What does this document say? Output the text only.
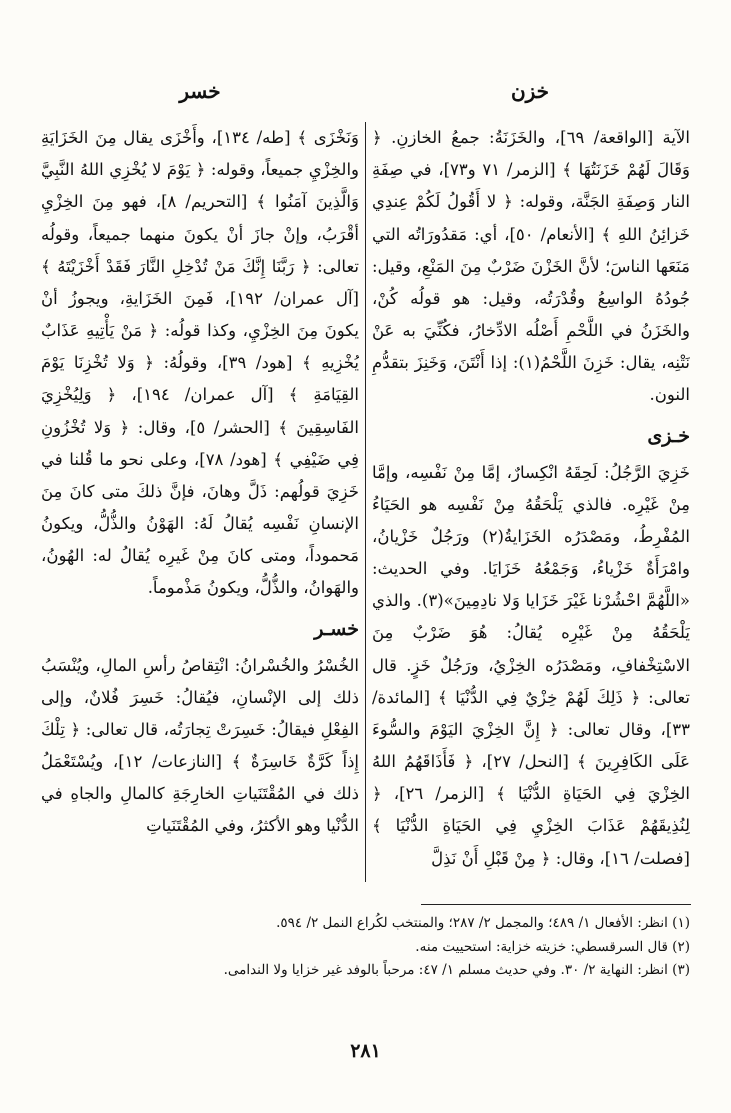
خزن
خسر

الآية [الواقعة/ ٦٩]، والخَزَنَةُ: جمعُ الخازنِ. ﴿ وَقَالَ لَهُمْ خَزَنَتُهَا ﴾ [الزمر/ ٧١ و٧٣]، في صِفَةِ النار وَصِفَةِ الجَنَّة، وقوله: ﴿ لا أَقُولُ لَكُمْ عِندِي خَزائِنُ اللهِ ﴾ [الأنعام/ ٥٠]، أي: مَقدُورَاتُه التي مَنَعَها الناسَ؛ لأنَّ الخَزْنَ ضَرْبٌ مِنَ المَنْعِ، وقيل: جُودُهُ الواسِعُ وقُدْرَتُه، وقيل: هو قولُه كُنْ، والخَزَنُ في اللَّحْمِ أَصْلُه الادِّخارُ، فكُنِّيَ به عَنْ نَتْنِه، يقال: خَزِنَ اللَّحْمُ(١): إذا أَنْتَنَ، وَخَنِزَ بتقدُّمِ النون.

خـزى

خَزِيَ الرَّجُلُ: لَحِقَهُ انْكِسارٌ، إمَّا مِنْ نَفْسِه، وإمَّا مِنْ غَيْرِه. فالذي يَلْحَقُهُ مِنْ نَفْسِه هو الحَيَاءُ المُفْرِطُ، ومَصْدَرُه الخَزَايةُ(٢) ورَجُلٌ خَزْيانُ، وامْرَأَةٌ خَزْياءُ، وَجَمْعُهُ خَزَايَا. وفي الحديث: «اللَّهُمَّ احْشُرْنا غَيْرَ خَزَايا وَلا نادِمِينَ»(٣). والذي يَلْحَقُهُ مِنْ غَيْرِه يُقالُ: هُوَ ضَرْبٌ مِنَ الاسْتِخْفافِ، ومَصْدَرُه الخِزْيُ، ورَجُلٌ خَزٍ. قال تعالى: ﴿ ذَلِكَ لَهُمْ خِزْيٌ فِي الدُّنْيَا ﴾ [المائدة/ ٣٣]، وقال تعالى: ﴿ إِنَّ الخِزْيَ اليَوْمَ والسُّوءَ عَلَى الكَافِرِينَ ﴾ [النحل/ ٢٧]، ﴿ فَأَذَاقَهُمُ اللهُ الخِزْيَ فِي الحَيَاةِ الدُّنْيَا ﴾ [الزمر/ ٢٦]، ﴿ لِنُذِيقَهُمْ عَذَابَ الخِزْيِ فِي الحَيَاةِ الدُّنْيَا ﴾ [فصلت/ ١٦]، وقال: ﴿ مِنْ قَبْلِ أَنْ نَذِلَّ

وَنَخْزَى ﴾ [طه/ ١٣٤]، وأَخْزَى يقال مِنَ الخَزَايَةِ والخِزْيِ جميعاً، وقوله: ﴿ يَوْمَ لا يُخْزِي اللهُ النَّبِيَّ وَالَّذِينَ آمَنُوا ﴾ [التحريم/ ٨]، فهو مِنَ الخِزْيِ أقْرَبُ، وإنْ جازَ أنْ يكونَ منهما جميعاً، وقولُه تعالى: ﴿ رَبَّنَا إِنَّكَ مَنْ تُدْخِلِ النَّارَ فَقَدْ أَخْزَيْتَهُ ﴾ [آل عمران/ ١٩٢]، فَمِنَ الخَزَايةِ، ويجوزُ أنْ يكونَ مِنَ الخِزْيِ، وكذا قولُه: ﴿ مَنْ يَأْتِيهِ عَذَابٌ يُخْزِيهِ ﴾ [هود/ ٣٩]، وقولُهُ: ﴿ وَلا تُخْزِنَا يَوْمَ القِيَامَةِ ﴾ [آل عمران/ ١٩٤]، ﴿ وَلِيُخْزِيَ الفَاسِقِينَ ﴾ [الحشر/ ٥]، وقال: ﴿ وَلا تُخْزُونِ فِي ضَيْفِي ﴾ [هود/ ٧٨]، وعلى نحو ما قُلنا في خَزِيَ قولُهم: ذَلَّ وهانَ، فإنَّ ذلكَ متى كانَ مِنَ الإنسانِ نَفْسِه يُقالُ لَهُ: الهَوْنُ والذُّلُّ، ويكونُ مَحموداً، ومتى كانَ مِنْ غَيرِه يُقالُ له: الهُونُ، والهَوانُ، والذُّلُّ، ويكونُ مَذْموماً.

خسـر

الخُسْرُ والخُسْرانُ: انْتِقاصُ رأسِ المالِ، ويُنْسَبُ ذلك إلى الإنْسانِ، فيُقالُ: خَسِرَ فُلانٌ، وإلى الفِعْلِ فيقالُ: خَسِرَتْ تِجارَتُه، قال تعالى: ﴿ تِلْكَ إِذاً كَرَّةٌ خَاسِرَةٌ ﴾ [النازعات/ ١٢]، ويُسْتَعْمَلُ ذلك في المُقْتَنَياتِ الخارِجَةِ كالمالِ والجاهِ في الدُّنْيا وهو الأكثرُ، وفي المُقْتَنَياتِ

(١) انظر: الأفعال ١/ ٤٨٩؛ والمجمل ٢/ ٢٨٧؛ والمنتخب لكُراع النمل ٢/ ٥٩٤.

(٢) قال السرقسطي: خزيته خزاية: استحييت منه.

(٣) انظر: النهاية ٢/ ٣٠. وفي حديث مسلم ١/ ٤٧: مرحباً بالوفد غير خزايا ولا الندامى.

٢٨١
